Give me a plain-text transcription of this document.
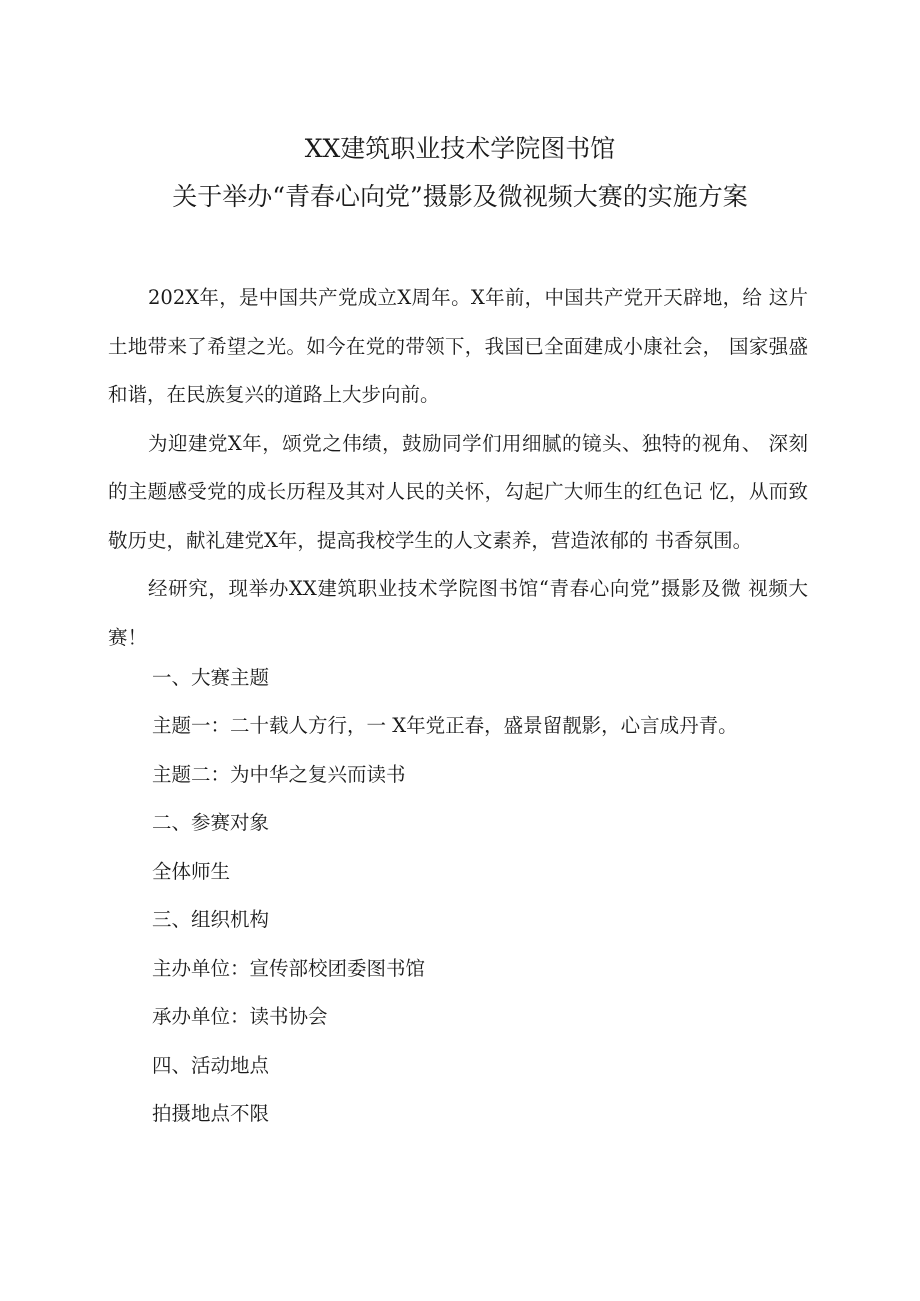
XX建筑职业技术学院图书馆
关于举办“青春心向党”摄影及微视频大赛的实施方案

202X年，是中国共产党成立X周年。X年前，中国共产党开天辟地，给 这片土地带来了希望之光。如今在党的带领下，我国已全面建成小康社会， 国家强盛和谐，在民族复兴的道路上大步向前。

为迎建党X年，颂党之伟绩，鼓励同学们用细腻的镜头、独特的视角、 深刻的主题感受党的成长历程及其对人民的关怀，勾起广大师生的红色记 忆，从而致敬历史，献礼建党X年，提高我校学生的人文素养，营造浓郁的 书香氛围。

经研究，现举办XX建筑职业技术学院图书馆“青春心向党”摄影及微 视频大赛！

一、大赛主题
主题一：二十载人方行，一 X年党正春，盛景留靓影，心言成丹青。
主题二：为中华之复兴而读书
二、参赛对象
全体师生
三、组织机构
主办单位：宣传部校团委图书馆
承办单位：读书协会
四、活动地点
拍摄地点不限
